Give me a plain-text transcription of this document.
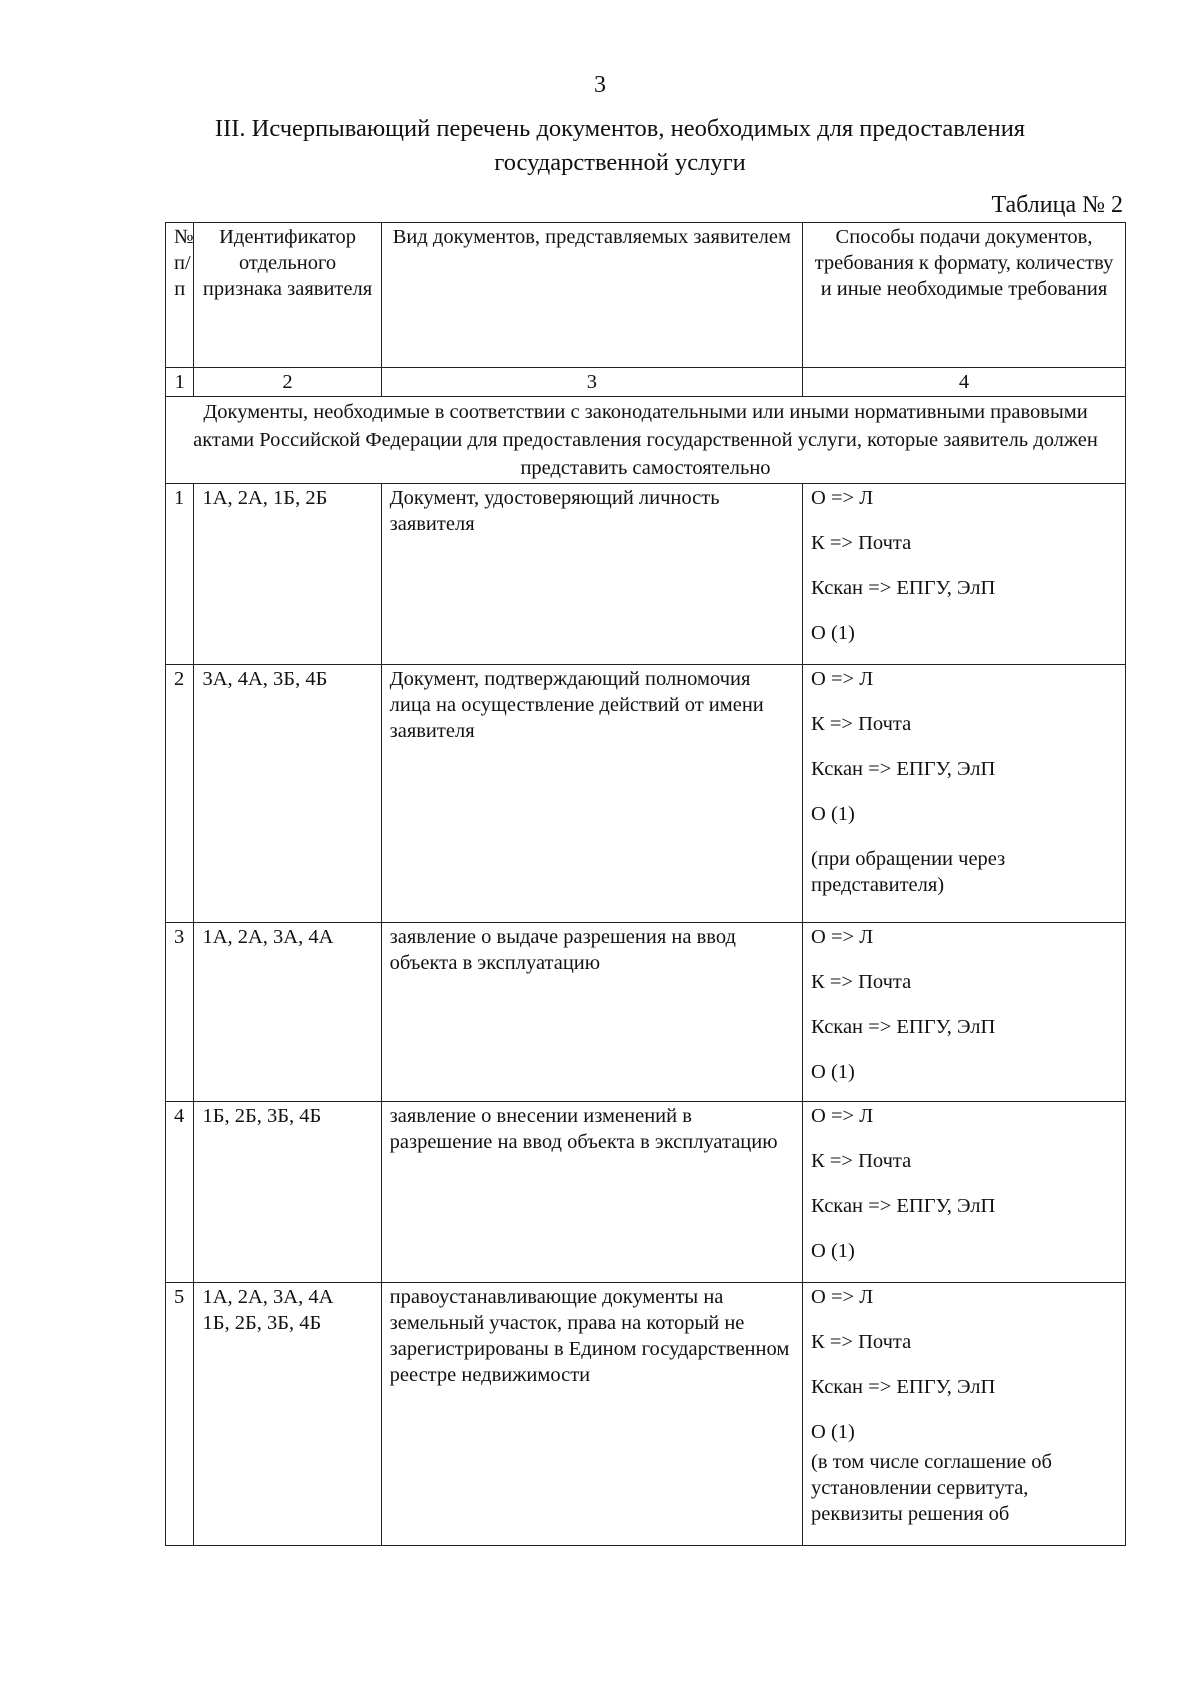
3
III. Исчерпывающий перечень документов, необходимых для предоставления государственной услуги
Таблица № 2
№ п/п	Идентификатор отдельного признака заявителя	Вид документов, представляемых заявителем	Способы подачи документов, требования к формату, количеству и иные необходимые требования
1	2	3	4
Документы, необходимые в соответствии с законодательными или иными нормативными правовыми актами Российской Федерации для предоставления государственной услуги, которые заявитель должен представить самостоятельно			
1	1А, 2А, 1Б, 2Б	Документ, удостоверяющий личность заявителя	О => Л
К => Почта
Кскан => ЕПГУ, ЭлП
О (1)

2	3А, 4А, 3Б, 4Б	Документ, подтверждающий полномочия лица на осуществление действий от имени заявителя	О => Л
К => Почта
Кскан => ЕПГУ, ЭлП
О (1)
(при обращении через представителя)

3	1А, 2А, 3А, 4А	заявление о выдаче разрешения на ввод объекта в эксплуатацию	О => Л
К => Почта
Кскан => ЕПГУ, ЭлП
О (1)

4	1Б, 2Б, 3Б, 4Б	заявление о внесении изменений в разрешение на ввод объекта в эксплуатацию	О => Л
К => Почта
Кскан => ЕПГУ, ЭлП
О (1)

5	1А, 2А, 3А, 4А
1Б, 2Б, 3Б, 4Б	правоустанавливающие документы на земельный участок, права на который не зарегистрированы в Едином государственном реестре недвижимости	О => Л
К => Почта
Кскан => ЕПГУ, ЭлП
О (1)
(в том числе соглашение об установлении сервитута, реквизиты решения об
